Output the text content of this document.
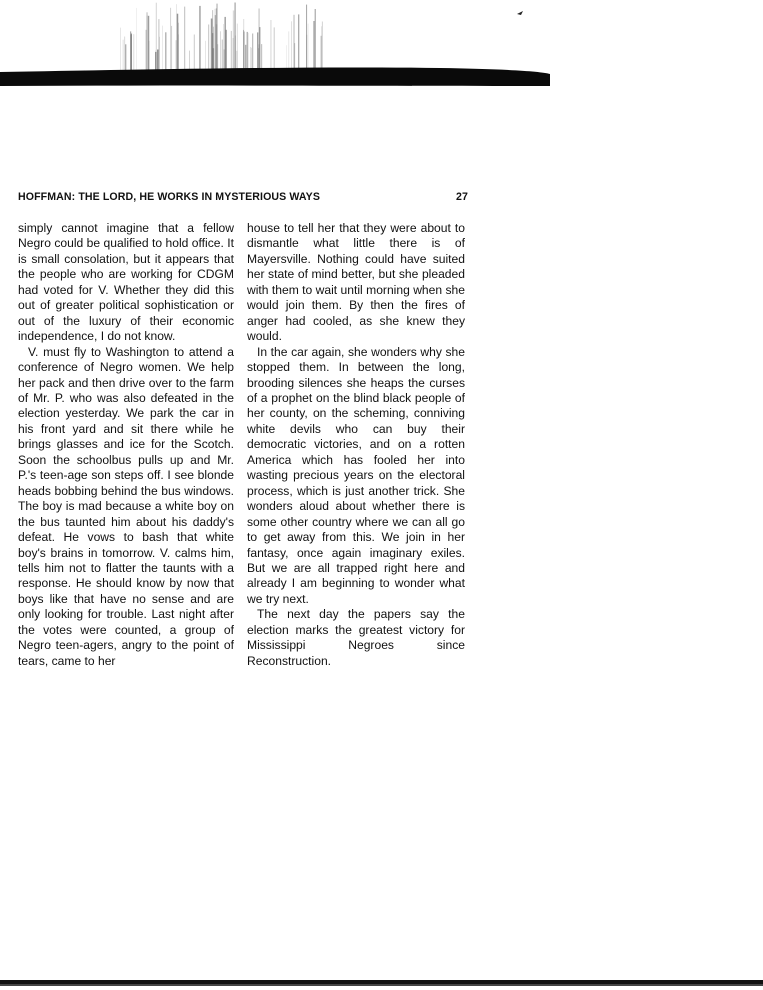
HOFFMAN: THE LORD, HE WORKS IN MYSTERIOUS WAYS	27

simply cannot imagine that a fellow Negro could be qualified to hold office. It is small consolation, but it appears that the people who are working for CDGM had voted for V. Whether they did this out of greater political sophistication or out of the luxury of their economic independence, I do not know.

V. must fly to Washington to attend a conference of Negro women. We help her pack and then drive over to the farm of Mr. P. who was also defeated in the election yesterday. We park the car in his front yard and sit there while he brings glasses and ice for the Scotch. Soon the schoolbus pulls up and Mr. P.'s teen-age son steps off. I see blonde heads bobbing behind the bus windows. The boy is mad because a white boy on the bus taunted him about his daddy's defeat. He vows to bash that white boy's brains in tomorrow. V. calms him, tells him not to flatter the taunts with a response. He should know by now that boys like that have no sense and are only looking for trouble. Last night after the votes were counted, a group of Negro teen-agers, angry to the point of tears, came to her

house to tell her that they were about to dismantle what little there is of Mayersville. Nothing could have suited her state of mind better, but she pleaded with them to wait until morning when she would join them. By then the fires of anger had cooled, as she knew they would.

In the car again, she wonders why she stopped them. In between the long, brooding silences she heaps the curses of a prophet on the blind black people of her county, on the scheming, conniving white devils who can buy their democratic victories, and on a rotten America which has fooled her into wasting precious years on the electoral process, which is just another trick. She wonders aloud about whether there is some other country where we can all go to get away from this. We join in her fantasy, once again imaginary exiles. But we are all trapped right here and already I am beginning to wonder what we try next.

The next day the papers say the election marks the greatest victory for Mississippi Negroes since Reconstruction.
